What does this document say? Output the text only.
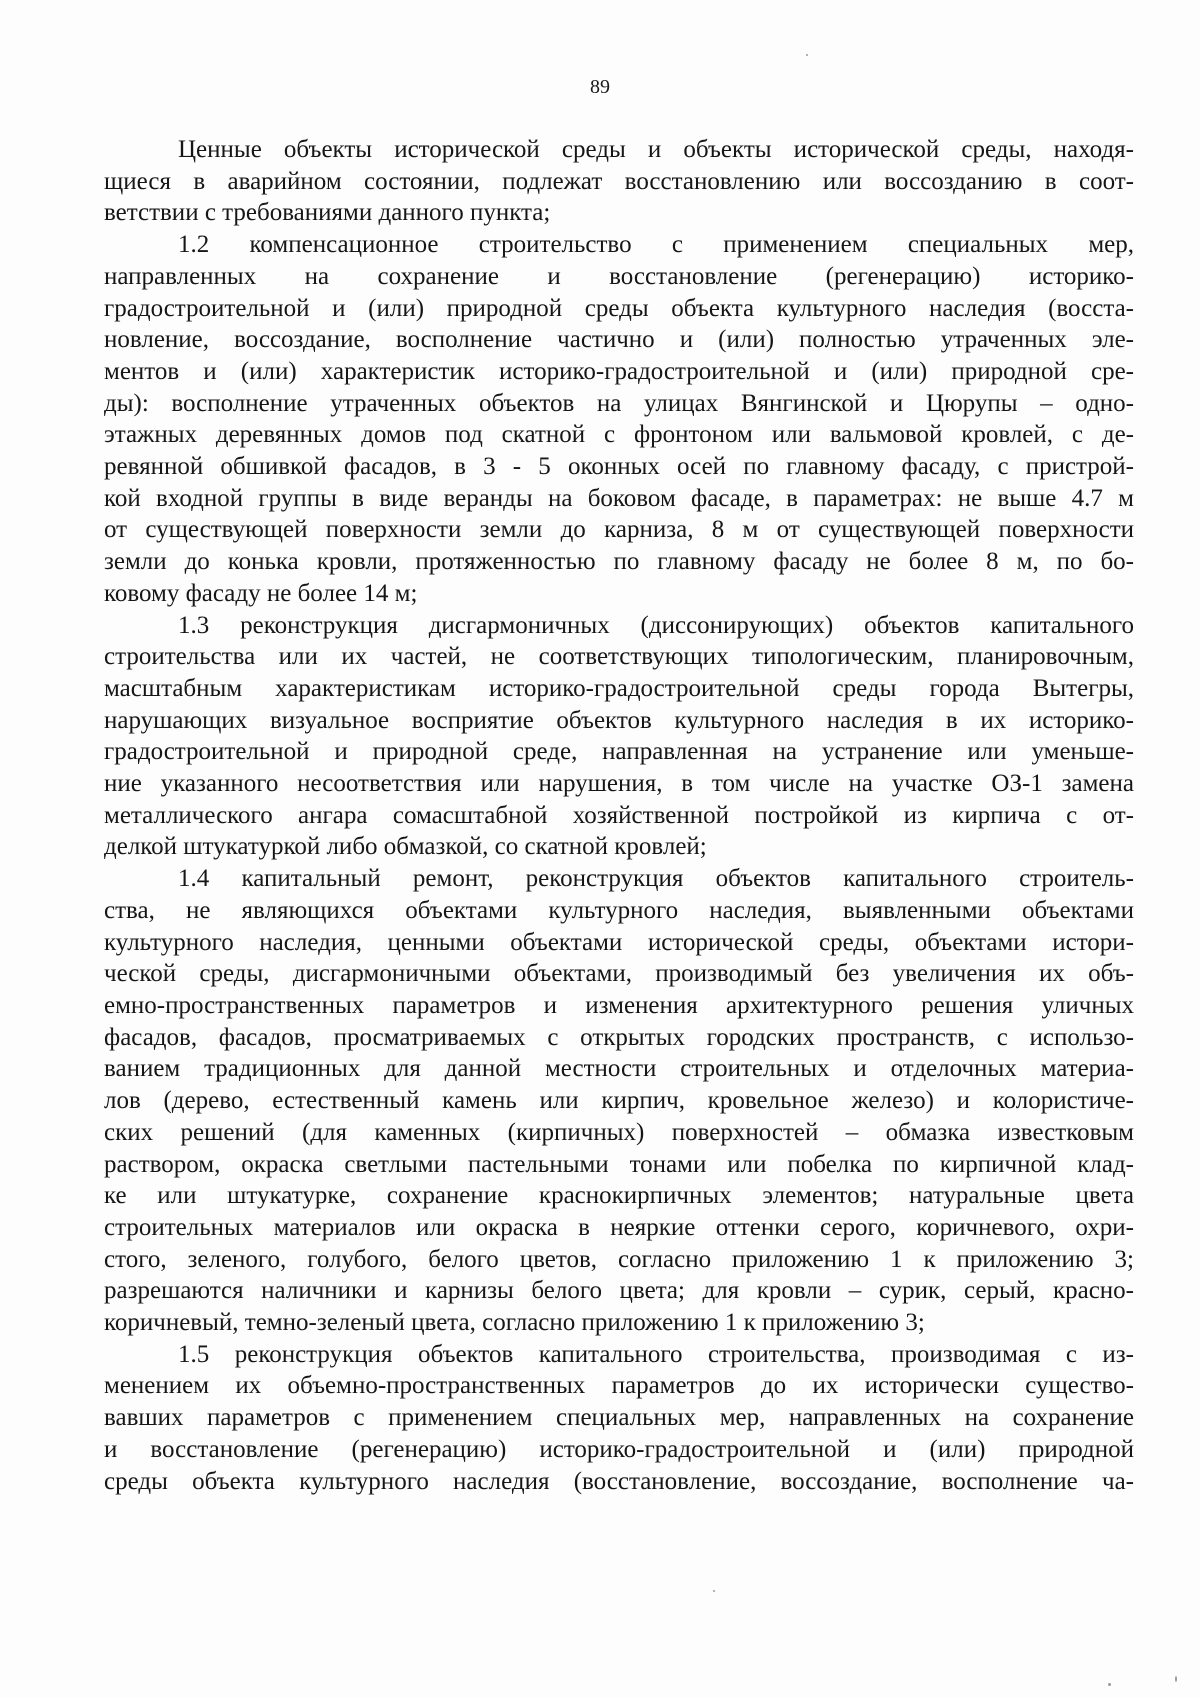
89
Ценные объекты исторической среды и объекты исторической среды, находя-
щиеся в аварийном состоянии, подлежат восстановлению или воссозданию в соот-
ветствии с требованиями данного пункта;
1.2 компенсационное строительство с применением специальных мер,
направленных на сохранение и восстановление (регенерацию) историко-
градостроительной и (или) природной среды объекта культурного наследия (восста-
новление, воссоздание, восполнение частично и (или) полностью утраченных эле-
ментов и (или) характеристик историко-градостроительной и (или) природной сре-
ды): восполнение утраченных объектов на улицах Вянгинской и Цюрупы – одно-
этажных деревянных домов под скатной с фронтоном или вальмовой кровлей, с де-
ревянной обшивкой фасадов, в 3 - 5 оконных осей по главному фасаду, с пристрой-
кой входной группы в виде веранды на боковом фасаде, в параметрах: не выше 4.7 м
от существующей поверхности земли до карниза, 8 м от существующей поверхности
земли до конька кровли, протяженностью по главному фасаду не более 8 м, по бо-
ковому фасаду не более 14 м;
1.3 реконструкция дисгармоничных (диссонирующих) объектов капитального
строительства или их частей, не соответствующих типологическим, планировочным,
масштабным характеристикам историко-градостроительной среды города Вытегры,
нарушающих визуальное восприятие объектов культурного наследия в их историко-
градостроительной и природной среде, направленная на устранение или уменьше-
ние указанного несоответствия или нарушения, в том числе на участке ОЗ-1 замена
металлического ангара сомасштабной хозяйственной постройкой из кирпича с от-
делкой штукатуркой либо обмазкой, со скатной кровлей;
1.4 капитальный ремонт, реконструкция объектов капитального строитель-
ства, не являющихся объектами культурного наследия, выявленными объектами
культурного наследия, ценными объектами исторической среды, объектами истори-
ческой среды, дисгармоничными объектами, производимый без увеличения их объ-
емно-пространственных параметров и изменения архитектурного решения уличных
фасадов, фасадов, просматриваемых с открытых городских пространств, с использо-
ванием традиционных для данной местности строительных и отделочных материа-
лов (дерево, естественный камень или кирпич, кровельное железо) и колористиче-
ских решений (для каменных (кирпичных) поверхностей – обмазка известковым
раствором, окраска светлыми пастельными тонами или побелка по кирпичной клад-
ке или штукатурке, сохранение краснокирпичных элементов; натуральные цвета
строительных материалов или окраска в неяркие оттенки серого, коричневого, охри-
стого, зеленого, голубого, белого цветов, согласно приложению 1 к приложению 3;
разрешаются наличники и карнизы белого цвета; для кровли – сурик, серый, красно-
коричневый, темно-зеленый цвета, согласно приложению 1 к приложению 3;
1.5 реконструкция объектов капитального строительства, производимая с из-
менением их объемно-пространственных параметров до их исторически существо-
вавших параметров с применением специальных мер, направленных на сохранение
и восстановление (регенерацию) историко-градостроительной и (или) природной
среды объекта культурного наследия (восстановление, воссоздание, восполнение ча-
